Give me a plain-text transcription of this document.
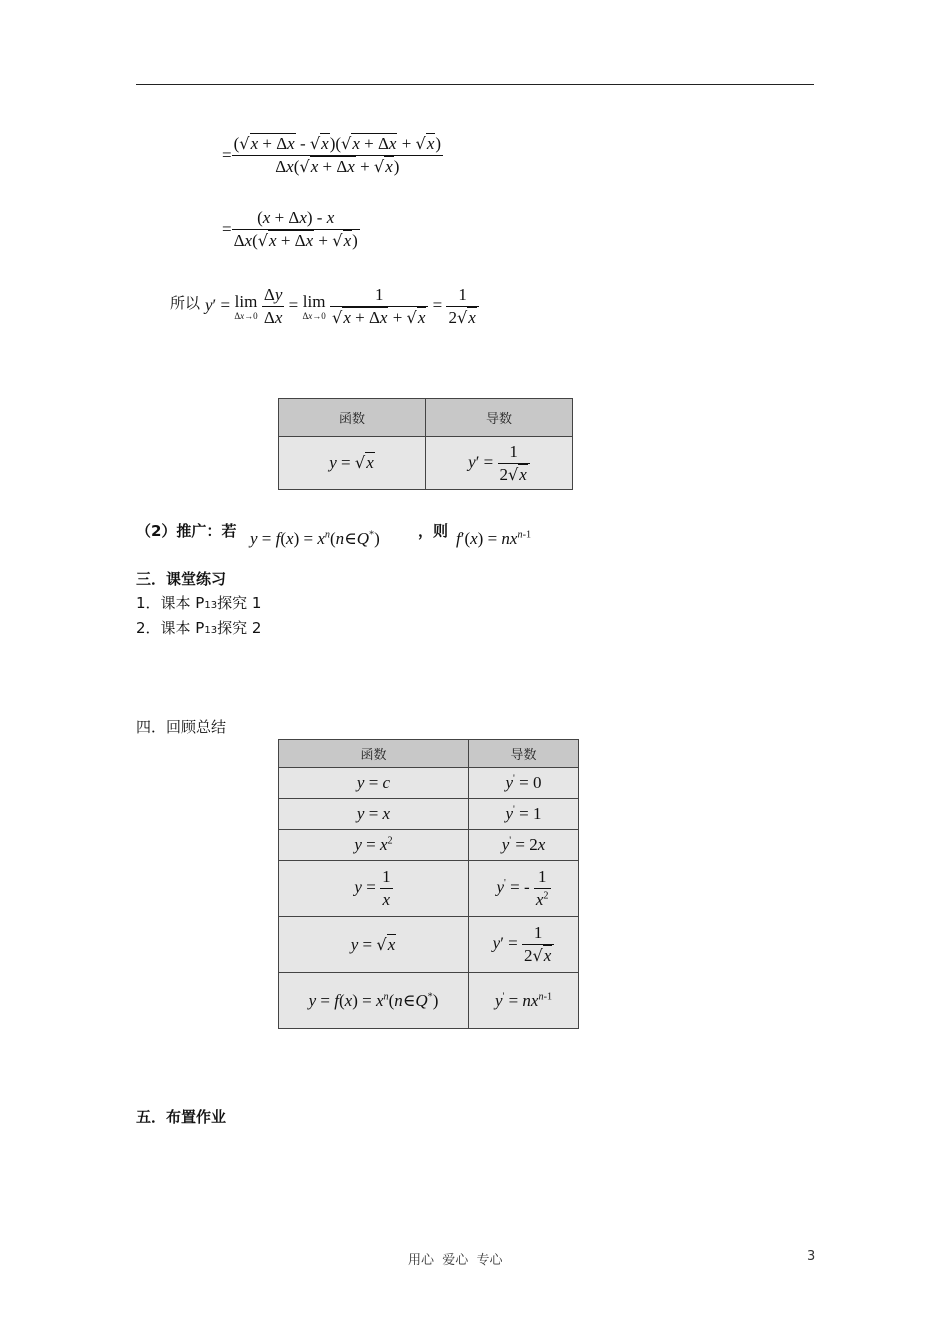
= $\frac{(√x + \Delta x - √x)(√x + \Delta x + √x)}{\Delta x(√x + \Delta x + √x)}$
= $\frac{(x + \Delta x) - x}{\Delta x(√x + \Delta x + √x)}$
所以 y′ = lim
Δx→0
$\frac{\Delta y}{\Delta x} = \lim$
Δx→0
$\frac{1}{√x + \Delta x + √x} = \frac{1}{2√x}$
函数	导数
y = √x	$y' = \frac{1}{2√x}$
（2）推广：若 $y = f(x) = x^n(n\in Q^*)$	，则 $f'(x) = nx^{n-1}$
三．课堂练习
1．课本 P13探究 1
2．课本 P13探究 2
四．回顾总结
函数	导数
y = c	y' = 0
y = x	y' = 1
$y = x^2$	y' = 2x
$y = \frac{1}{x}$	y' = - $\frac{1}{x^2}$

y = √x	$y' = \frac{1}{2√x}$

$y = f(x) = x^n(n\in Q^*)$	$y' = nx^{n-1}$
五．布置作业
用心  爱心  专心	3
